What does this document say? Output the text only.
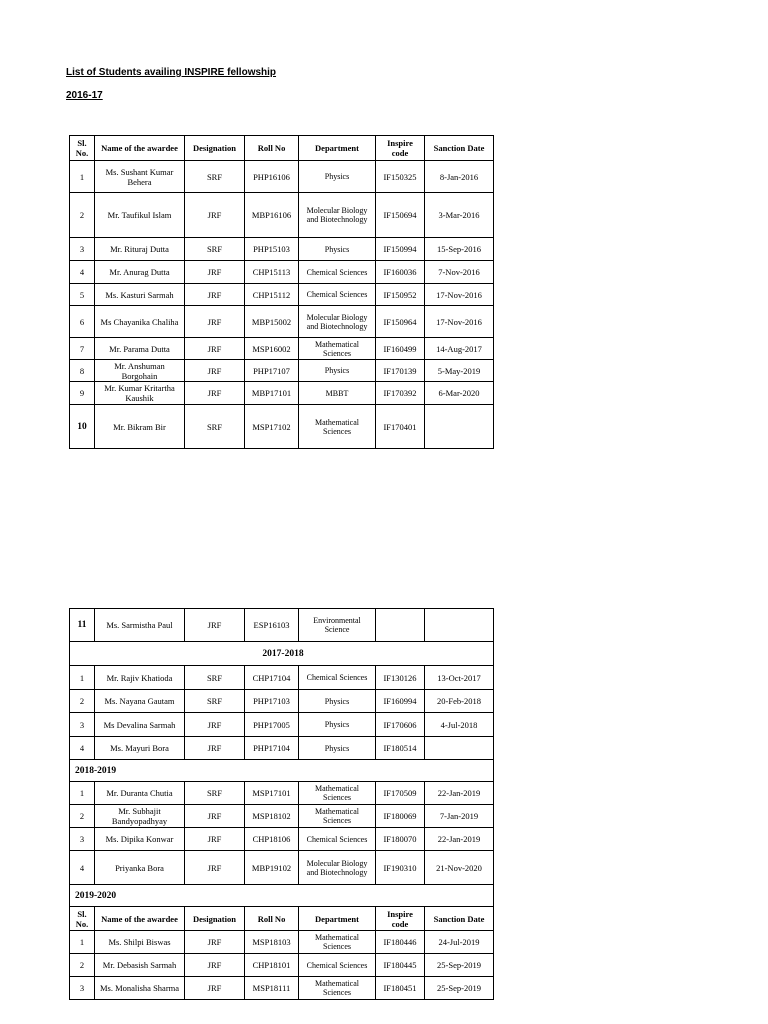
List of Students availing INSPIRE fellowship
2016-17
Sl. No.	Name of the awardee	Designation	Roll No	Department	Inspire code	Sanction Date
1	Ms. Sushant Kumar Behera	SRF	PHP16106	Physics	IF150325	8-Jan-2016
2	Mr. Taufikul Islam	JRF	MBP16106	Molecular Biology and Biotechnology	IF150694	3-Mar-2016
3	Mr. Rituraj Dutta	SRF	PHP15103	Physics	IF150994	15-Sep-2016
4	Mr. Anurag Dutta	JRF	CHP15113	Chemical Sciences	IF160036	7-Nov-2016
5	Ms. Kasturi Sarmah	JRF	CHP15112	Chemical Sciences	IF150952	17-Nov-2016
6	Ms Chayanika Chaliha	JRF	MBP15002	Molecular Biology and Biotechnology	IF150964	17-Nov-2016
7	Mr. Parama Dutta	JRF	MSP16002	Mathematical Sciences	IF160499	14-Aug-2017
8	Mr. Anshuman Borgohain	JRF	PHP17107	Physics	IF170139	5-May-2019
9	Mr. Kumar Kritartha Kaushik	JRF	MBP17101	MBBT	IF170392	6-Mar-2020
10	Mr. Bikram Bir	SRF	MSP17102	Mathematical Sciences	IF170401	
11	Ms. Sarmistha Paul	JRF	ESP16103	Environmental Science		
2017-2018						
1	Mr. Rajiv Khatioda	SRF	CHP17104	Chemical Sciences	IF130126	13-Oct-2017
2	Ms. Nayana Gautam	SRF	PHP17103	Physics	IF160994	20-Feb-2018
3	Ms Devalina Sarmah	JRF	PHP17005	Physics	IF170606	4-Jul-2018
4	Ms. Mayuri Bora	JRF	PHP17104	Physics	IF180514	
2018-2019						
1	Mr. Duranta Chutia	SRF	MSP17101	Mathematical Sciences	IF170509	22-Jan-2019
2	Mr. Subhajit Bandyopadhyay	JRF	MSP18102	Mathematical Sciences	IF180069	7-Jan-2019
3	Ms. Dipika Konwar	JRF	CHP18106	Chemical Sciences	IF180070	22-Jan-2019
4	Priyanka Bora	JRF	MBP19102	Molecular Biology and Biotechnology	IF190310	21-Nov-2020
2019-2020						
Sl. No.	Name of the awardee	Designation	Roll No	Department	Inspire code	Sanction Date
1	Ms. Shilpi Biswas	JRF	MSP18103	Mathematical Sciences	IF180446	24-Jul-2019
2	Mr. Debasish Sarmah	JRF	CHP18101	Chemical Sciences	IF180445	25-Sep-2019
3	Ms. Monalisha Sharma	JRF	MSP18111	Mathematical Sciences	IF180451	25-Sep-2019
